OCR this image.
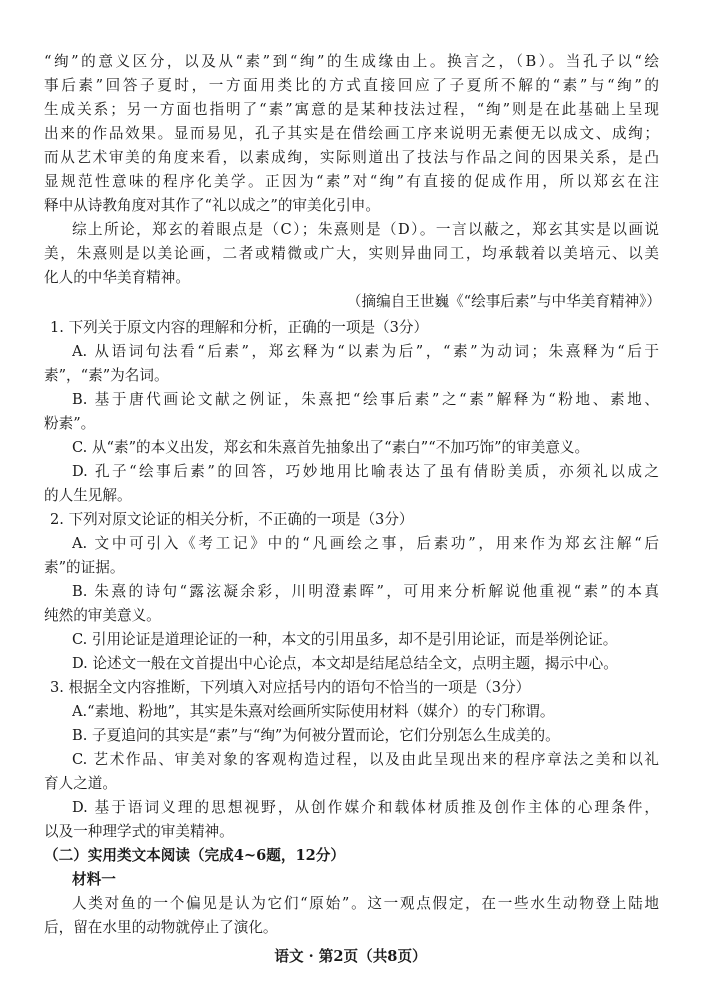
“绚”的意义区分，以及从“素”到“绚”的生成缘由上。换言之，（B）。当孔子以“绘
事后素”回答子夏时，一方面用类比的方式直接回应了子夏所不解的“素”与“绚”的
生成关系；另一方面也指明了“素”寓意的是某种技法过程，“绚”则是在此基础上呈现
出来的作品效果。显而易见，孔子其实是在借绘画工序来说明无素便无以成文、成绚；
而从艺术审美的角度来看，以素成绚，实际则道出了技法与作品之间的因果关系，是凸
显规范性意味的程序化美学。正因为“素”对“绚”有直接的促成作用，所以郑玄在注
释中从诗教角度对其作了“礼以成之”的审美化引申。
综上所论，郑玄的着眼点是（C）；朱熹则是（D）。一言以蔽之，郑玄其实是以画说
美，朱熹则是以美论画，二者或精微或广大，实则异曲同工，均承载着以美培元、以美
化人的中华美育精神。
（摘编自王世巍《“绘事后素”与中华美育精神》）
1. 下列关于原文内容的理解和分析，正确的一项是（3分）
A. 从语词句法看“后素”，郑玄释为“以素为后”，“素”为动词；朱熹释为“后于
素”，“素”为名词。
B. 基于唐代画论文献之例证，朱熹把“绘事后素”之“素”解释为“粉地、素地、
粉素”。
C. 从“素”的本义出发，郑玄和朱熹首先抽象出了“素白”“不加巧饰”的审美意义。
D. 孔子“绘事后素”的回答，巧妙地用比喻表达了虽有倩盼美质，亦须礼以成之
的人生见解。
2. 下列对原文论证的相关分析，不正确的一项是（3分）
A. 文中可引入《考工记》中的“凡画绘之事，后素功”，用来作为郑玄注解“后
素”的证据。
B. 朱熹的诗句“露泫凝余彩，川明澄素晖”，可用来分析解说他重视“素”的本真
纯然的审美意义。
C. 引用论证是道理论证的一种，本文的引用虽多，却不是引用论证，而是举例论证。
D. 论述文一般在文首提出中心论点，本文却是结尾总结全文，点明主题，揭示中心。
3. 根据全文内容推断，下列填入对应括号内的语句不恰当的一项是（3分）
A.“素地、粉地”，其实是朱熹对绘画所实际使用材料（媒介）的专门称谓。
B. 子夏追问的其实是“素”与“绚”为何被分置而论，它们分别怎么生成美的。
C. 艺术作品、审美对象的客观构造过程，以及由此呈现出来的程序章法之美和以礼
育人之道。
D. 基于语词义理的思想视野，从创作媒介和载体材质推及创作主体的心理条件，
以及一种理学式的审美精神。
（二）实用类文本阅读（完成4~6题，12分）
材料一
人类对鱼的一个偏见是认为它们“原始”。这一观点假定，在一些水生动物登上陆地
后，留在水里的动物就停止了演化。
语文 · 第2页（共8页）
